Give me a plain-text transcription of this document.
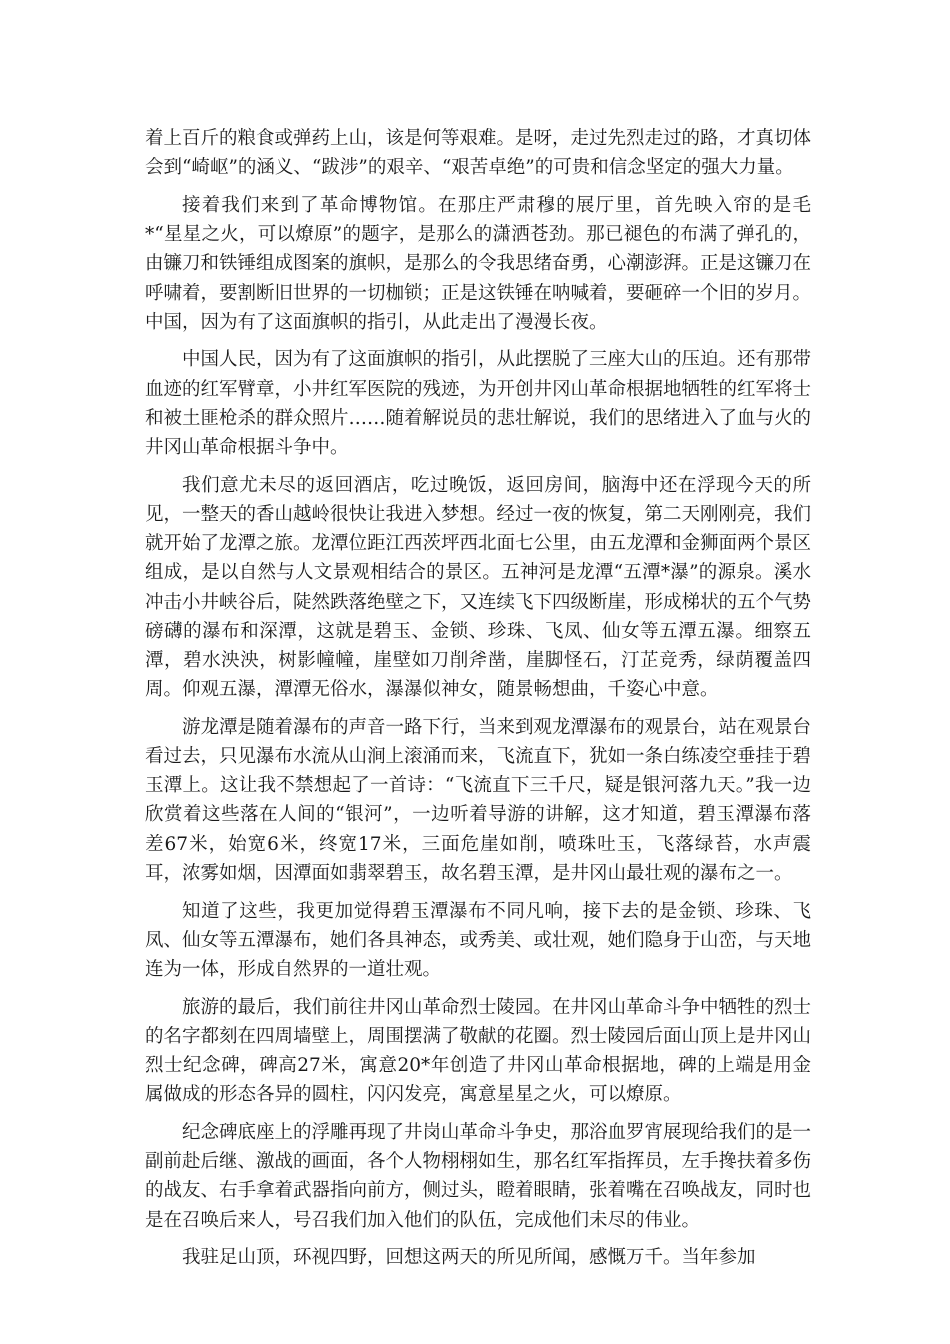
着上百斤的粮食或弹药上山，该是何等艰难。是呀，走过先烈走过的路，才真切体会到“崎岖”的涵义、“跋涉”的艰辛、“艰苦卓绝”的可贵和信念坚定的强大力量。

接着我们来到了革命博物馆。在那庄严肃穆的展厅里，首先映入帘的是毛*“星星之火，可以燎原”的题字，是那么的潇洒苍劲。那已褪色的布满了弹孔的，由镰刀和铁锤组成图案的旗帜，是那么的令我思绪奋勇，心潮澎湃。正是这镰刀在呼啸着，要割断旧世界的一切枷锁；正是这铁锤在呐喊着，要砸碎一个旧的岁月。中国，因为有了这面旗帜的指引，从此走出了漫漫长夜。

中国人民，因为有了这面旗帜的指引，从此摆脱了三座大山的压迫。还有那带血迹的红军臂章，小井红军医院的残迹，为开创井冈山革命根据地牺牲的红军将士和被土匪枪杀的群众照片……随着解说员的悲壮解说，我们的思绪进入了血与火的井冈山革命根据斗争中。

我们意尤未尽的返回酒店，吃过晚饭，返回房间，脑海中还在浮现今天的所见，一整天的香山越岭很快让我进入梦想。经过一夜的恢复，第二天刚刚亮，我们就开始了龙潭之旅。龙潭位距江西茨坪西北面七公里，由五龙潭和金狮面两个景区组成，是以自然与人文景观相结合的景区。五神河是龙潭“五潭*瀑”的源泉。溪水冲击小井峡谷后，陡然跌落绝壁之下，又连续飞下四级断崖，形成梯状的五个气势磅礴的瀑布和深潭，这就是碧玉、金锁、珍珠、飞凤、仙女等五潭五瀑。细察五潭，碧水泱泱，树影幢幢，崖壁如刀削斧凿，崖脚怪石，汀芷竞秀，绿荫覆盖四周。仰观五瀑，潭潭无俗水，瀑瀑似神女，随景畅想曲，千姿心中意。

游龙潭是随着瀑布的声音一路下行，当来到观龙潭瀑布的观景台，站在观景台看过去，只见瀑布水流从山涧上滚涌而来，飞流直下，犹如一条白练凌空垂挂于碧玉潭上。这让我不禁想起了一首诗：“飞流直下三千尺，疑是银河落九天。”我一边欣赏着这些落在人间的“银河”，一边听着导游的讲解，这才知道，碧玉潭瀑布落差67米，始宽6米，终宽17米，三面危崖如削，喷珠吐玉，飞落绿苔，水声震耳，浓雾如烟，因潭面如翡翠碧玉，故名碧玉潭，是井冈山最壮观的瀑布之一。

知道了这些，我更加觉得碧玉潭瀑布不同凡响，接下去的是金锁、珍珠、飞凤、仙女等五潭瀑布，她们各具神态，或秀美、或壮观，她们隐身于山峦，与天地连为一体，形成自然界的一道壮观。

旅游的最后，我们前往井冈山革命烈士陵园。在井冈山革命斗争中牺牲的烈士的名字都刻在四周墙壁上，周围摆满了敬献的花圈。烈士陵园后面山顶上是井冈山烈士纪念碑，碑高27米，寓意20*年创造了井冈山革命根据地，碑的上端是用金属做成的形态各异的圆柱，闪闪发亮，寓意星星之火，可以燎原。

纪念碑底座上的浮雕再现了井岗山革命斗争史，那浴血罗宵展现给我们的是一副前赴后继、激战的画面，各个人物栩栩如生，那名红军指挥员，左手搀扶着多伤的战友、右手拿着武器指向前方，侧过头，瞪着眼睛，张着嘴在召唤战友，同时也是在召唤后来人，号召我们加入他们的队伍，完成他们未尽的伟业。

我驻足山顶，环视四野，回想这两天的所见所闻，感慨万千。当年参加
